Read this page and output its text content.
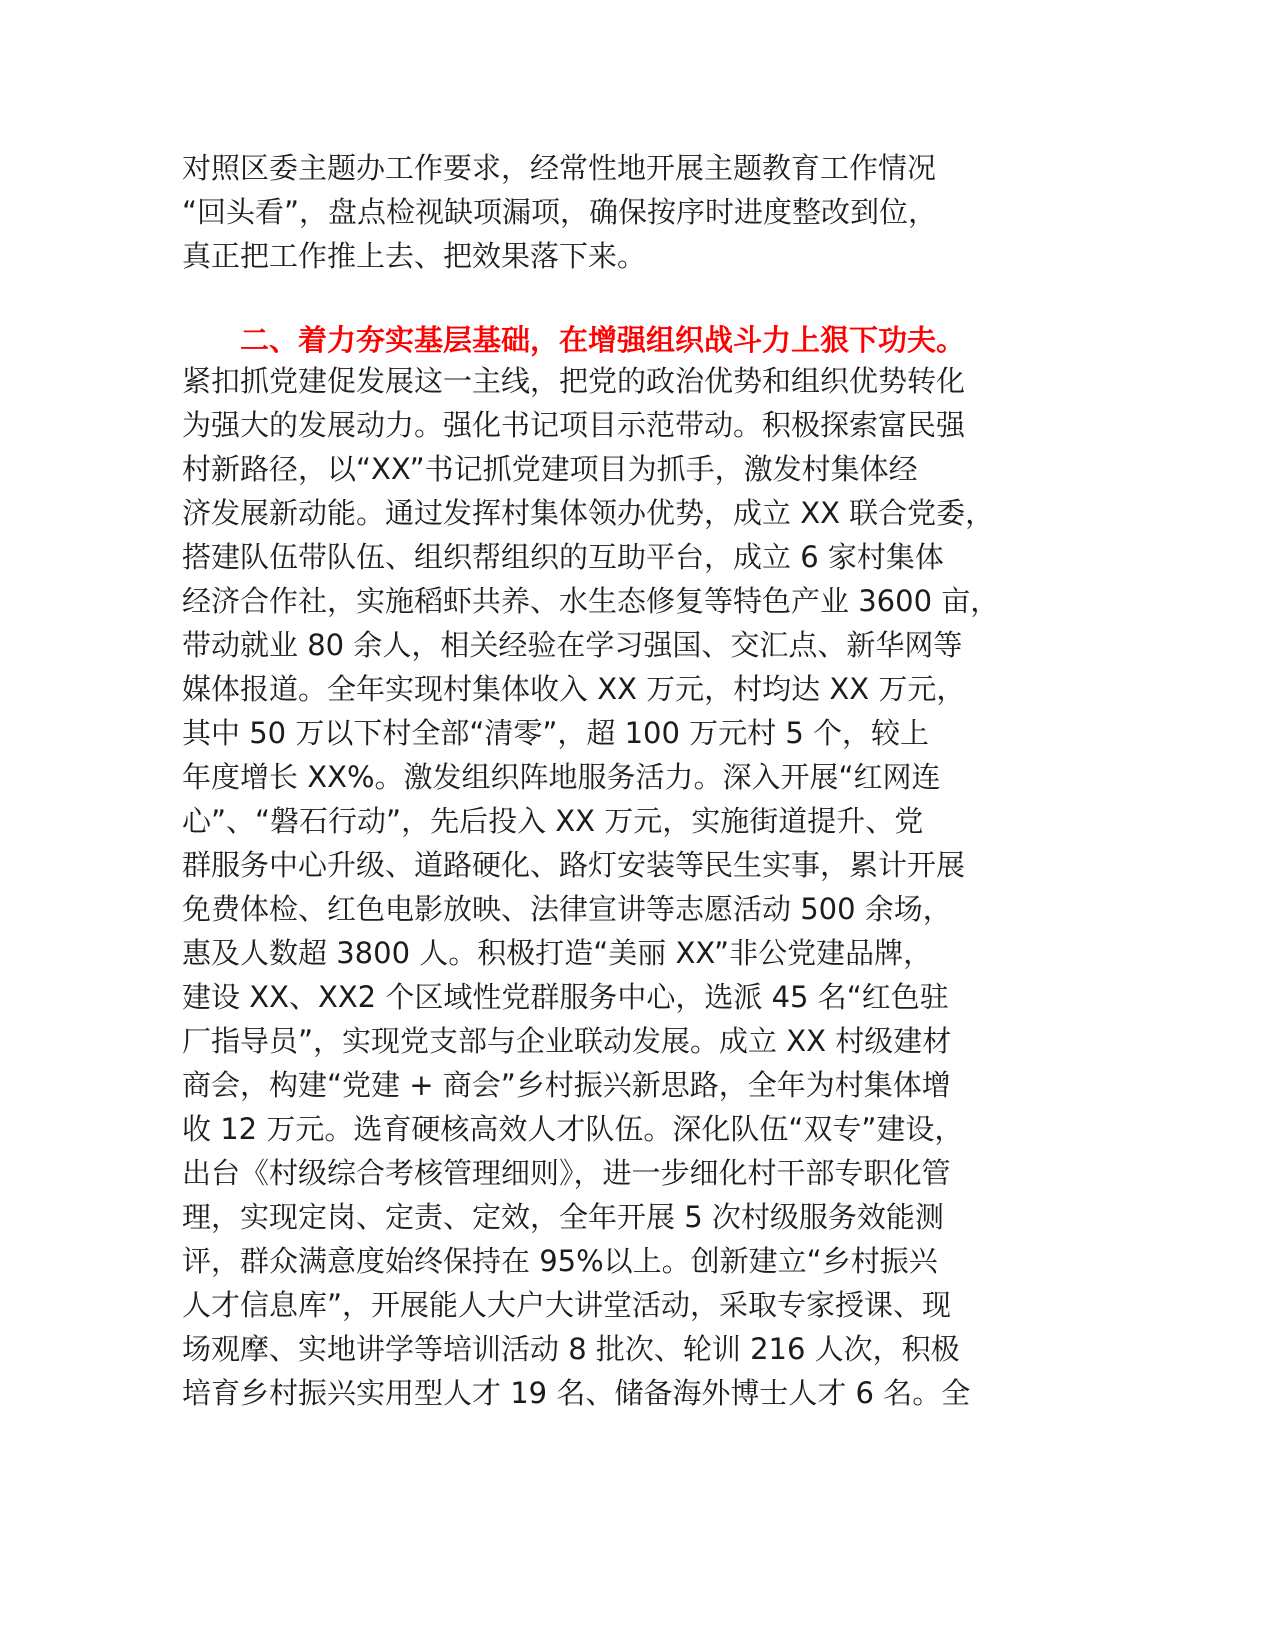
对照区委主题办工作要求，经常性地开展主题教育工作情况
“回头看”，盘点检视缺项漏项，确保按序时进度整改到位，
真正把工作推上去、把效果落下来。
二、着力夯实基层基础，在增强组织战斗力上狠下功夫。
紧扣抓党建促发展这一主线，把党的政治优势和组织优势转化
为强大的发展动力。强化书记项目示范带动。积极探索富民强
村新路径，以“XX”书记抓党建项目为抓手，激发村集体经
济发展新动能。通过发挥村集体领办优势，成立 XX 联合党委，
搭建队伍带队伍、组织帮组织的互助平台，成立 6 家村集体
经济合作社，实施稻虾共养、水生态修复等特色产业 3600 亩，
带动就业 80 余人，相关经验在学习强国、交汇点、新华网等
媒体报道。全年实现村集体收入 XX 万元，村均达 XX 万元，
其中 50 万以下村全部“清零”，超 100 万元村 5 个，较上
年度增长 XX%。激发组织阵地服务活力。深入开展“红网连
心”、“磐石行动”，先后投入 XX 万元，实施街道提升、党
群服务中心升级、道路硬化、路灯安装等民生实事，累计开展
免费体检、红色电影放映、法律宣讲等志愿活动 500 余场，
惠及人数超 3800 人。积极打造“美丽 XX”非公党建品牌，
建设 XX、XX2 个区域性党群服务中心，选派 45 名“红色驻
厂指导员”，实现党支部与企业联动发展。成立 XX 村级建材
商会，构建“党建 + 商会”乡村振兴新思路，全年为村集体增
收 12 万元。选育硬核高效人才队伍。深化队伍“双专”建设，
出台《村级综合考核管理细则》，进一步细化村干部专职化管
理，实现定岗、定责、定效，全年开展 5 次村级服务效能测
评，群众满意度始终保持在 95%以上。创新建立“乡村振兴
人才信息库”，开展能人大户大讲堂活动，采取专家授课、现
场观摩、实地讲学等培训活动 8 批次、轮训 216 人次，积极
培育乡村振兴实用型人才 19 名、储备海外博士人才 6 名。全
